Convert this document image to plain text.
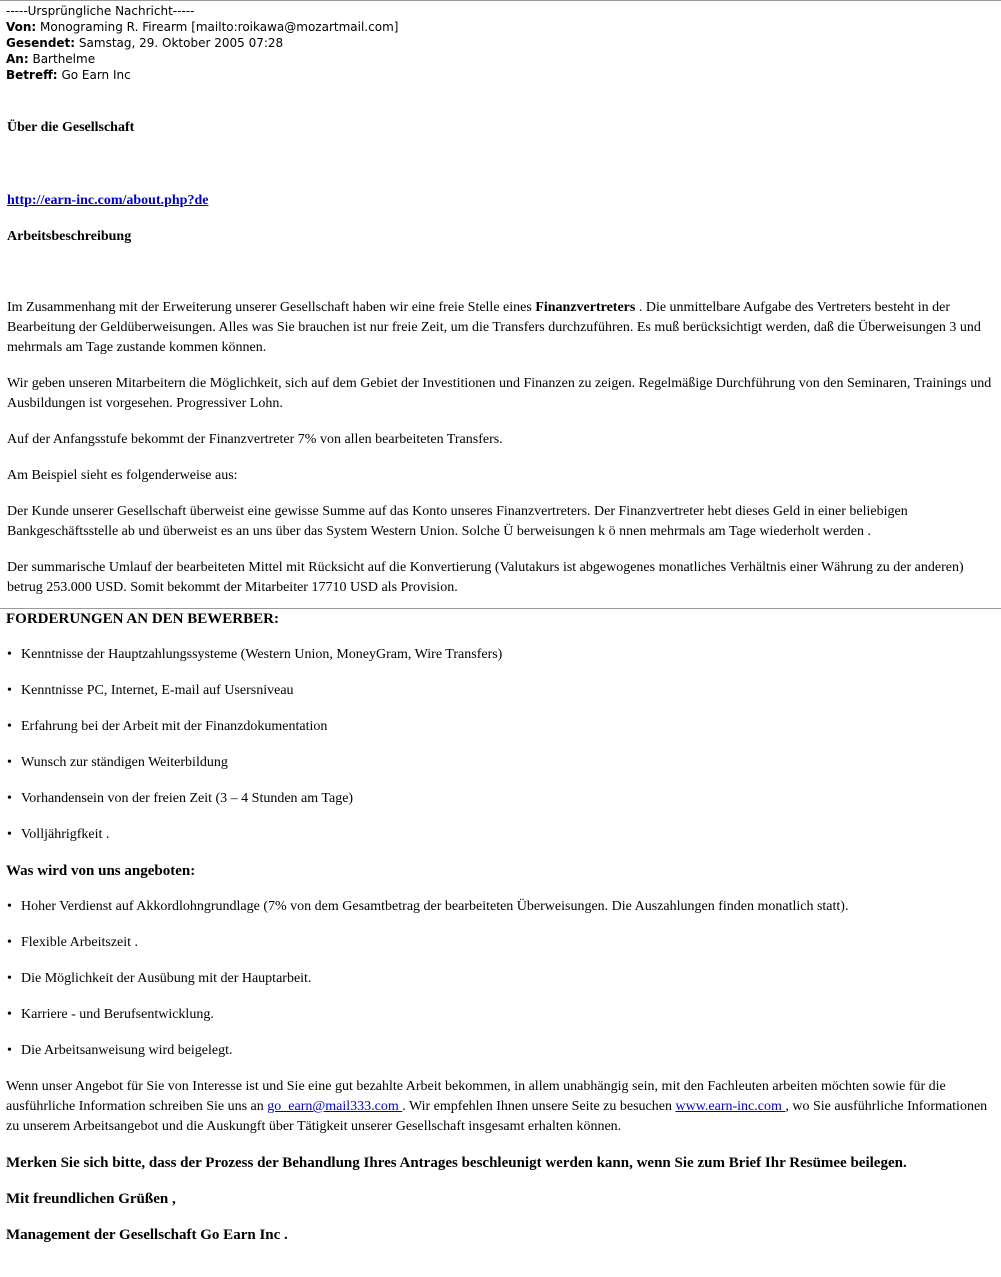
-----Ursprüngliche Nachricht-----
Von: Monograming R. Firearm [mailto:roikawa@mozartmail.com]
Gesendet: Samstag, 29. Oktober 2005 07:28
An: Barthelme
Betreff: Go Earn Inc
Über die Gesellschaft
http://earn-inc.com/about.php?de
Arbeitsbeschreibung
Im Zusammenhang mit der Erweiterung unserer Gesellschaft haben wir eine freie Stelle eines Finanzvertreters . Die unmittelbare Aufgabe des Vertreters besteht in der Bearbeitung der Geldüberweisungen. Alles was Sie brauchen ist nur freie Zeit, um die Transfers durchzuführen. Es muß berücksichtigt werden, daß die Überweisungen 3 und mehrmals am Tage zustande kommen können.
Wir geben unseren Mitarbeitern die Möglichkeit, sich auf dem Gebiet der Investitionen und Finanzen zu zeigen. Regelmäßige Durchführung von den Seminaren, Trainings und Ausbildungen ist vorgesehen. Progressiver Lohn.
Auf der Anfangsstufe bekommt der Finanzvertreter 7% von allen bearbeiteten Transfers.
Am Beispiel sieht es folgenderweise aus:
Der Kunde unserer Gesellschaft überweist eine gewisse Summe auf das Konto unseres Finanzvertreters. Der Finanzvertreter hebt dieses Geld in einer beliebigen Bankgeschäftsstelle ab und überweist es an uns über das System Western Union. Solche Ü berweisungen k ö nnen mehrmals am Tage wiederholt werden .
Der summarische Umlauf der bearbeiteten Mittel mit Rücksicht auf die Konvertierung (Valutakurs ist abgewogenes monatliches Verhältnis einer Währung zu der anderen) betrug 253.000 USD. Somit bekommt der Mitarbeiter 17710 USD als Provision.
FORDERUNGEN AN DEN BEWERBER:
• Kenntnisse der Hauptzahlungssysteme (Western Union, MoneyGram, Wire Transfers)
• Kenntnisse PC, Internet, E-mail auf Usersniveau
• Erfahrung bei der Arbeit mit der Finanzdokumentation
• Wunsch zur ständigen Weiterbildung
• Vorhandensein von der freien Zeit (3 – 4 Stunden am Tage)
• Volljährigfkeit .
Was wird von uns angeboten:
• Hoher Verdienst auf Akkordlohngrundlage (7% von dem Gesamtbetrag der bearbeiteten Überweisungen. Die Auszahlungen finden monatlich statt).
• Flexible Arbeitszeit .
• Die Möglichkeit der Ausübung mit der Hauptarbeit.
• Karriere - und Berufsentwicklung.
• Die Arbeitsanweisung wird beigelegt.
Wenn unser Angebot für Sie von Interesse ist und Sie eine gut bezahlte Arbeit bekommen, in allem unabhängig sein, mit den Fachleuten arbeiten möchten sowie für die ausführliche Information schreiben Sie uns an go_earn@mail333.com . Wir empfehlen Ihnen unsere Seite zu besuchen www.earn-inc.com , wo Sie ausführliche Informationen zu unserem Arbeitsangebot und die Auskungft über Tätigkeit unserer Gesellschaft insgesamt erhalten können.
Merken Sie sich bitte, dass der Prozess der Behandlung Ihres Antrages beschleunigt werden kann, wenn Sie zum Brief Ihr Resümee beilegen.
Mit freundlichen Grüßen ,
Management der Gesellschaft Go Earn Inc .
